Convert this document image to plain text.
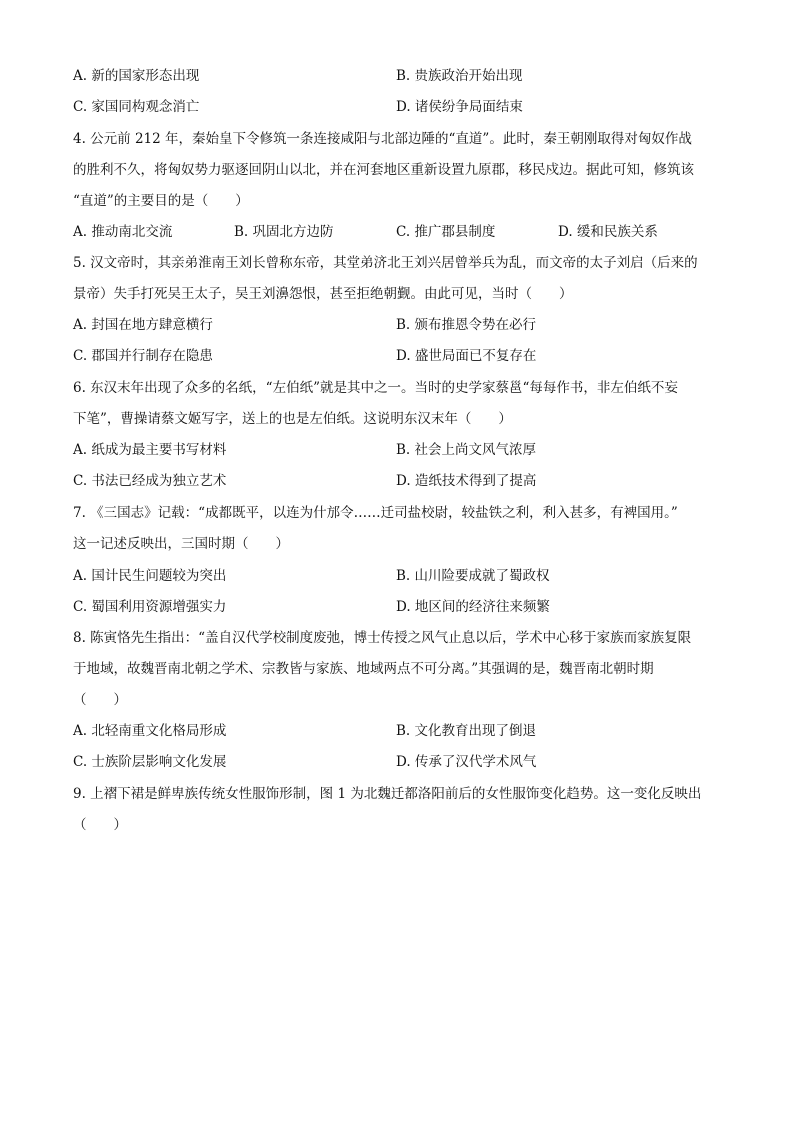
A. 新的国家形态出现	B. 贵族政治开始出现
C. 家国同构观念消亡	D. 诸侯纷争局面结束
4. 公元前 212 年，秦始皇下令修筑一条连接咸阳与北部边陲的“直道”。此时，秦王朝刚取得对匈奴作战
的胜利不久，将匈奴势力驱逐回阴山以北，并在河套地区重新设置九原郡，移民戍边。据此可知，修筑该
“直道”的主要目的是（　　）
A. 推动南北交流	B. 巩固北方边防	C. 推广郡县制度	D. 缓和民族关系
5. 汉文帝时，其亲弟淮南王刘长曾称东帝，其堂弟济北王刘兴居曾举兵为乱，而文帝的太子刘启（后来的
景帝）失手打死吴王太子，吴王刘濞怨恨，甚至拒绝朝觐。由此可见，当时（　　）
A. 封国在地方肆意横行	B. 颁布推恩令势在必行
C. 郡国并行制存在隐患	D. 盛世局面已不复存在
6. 东汉末年出现了众多的名纸，“左伯纸”就是其中之一。当时的史学家蔡邕“每每作书，非左伯纸不妄
下笔”，曹操请蔡文姬写字，送上的也是左伯纸。这说明东汉末年（　　）
A. 纸成为最主要书写材料	B. 社会上尚文风气浓厚
C. 书法已经成为独立艺术	D. 造纸技术得到了提高
7. 《三国志》记载：“成都既平，以连为什邡令……迁司盐校尉，较盐铁之利，利入甚多，有裨国用。”
这一记述反映出，三国时期（　　）
A. 国计民生问题较为突出	B. 山川险要成就了蜀政权
C. 蜀国利用资源增强实力	D. 地区间的经济往来频繁
8. 陈寅恪先生指出：“盖自汉代学校制度废弛，博士传授之风气止息以后，学术中心移于家族而家族复限
于地域，故魏晋南北朝之学术、宗教皆与家族、地域两点不可分离。”其强调的是，魏晋南北朝时期
（　　）
A. 北轻南重文化格局形成	B. 文化教育出现了倒退
C. 士族阶层影响文化发展	D. 传承了汉代学术风气
9. 上褶下裙是鲜卑族传统女性服饰形制，图 1 为北魏迁都洛阳前后的女性服饰变化趋势。这一变化反映出
（　　）
